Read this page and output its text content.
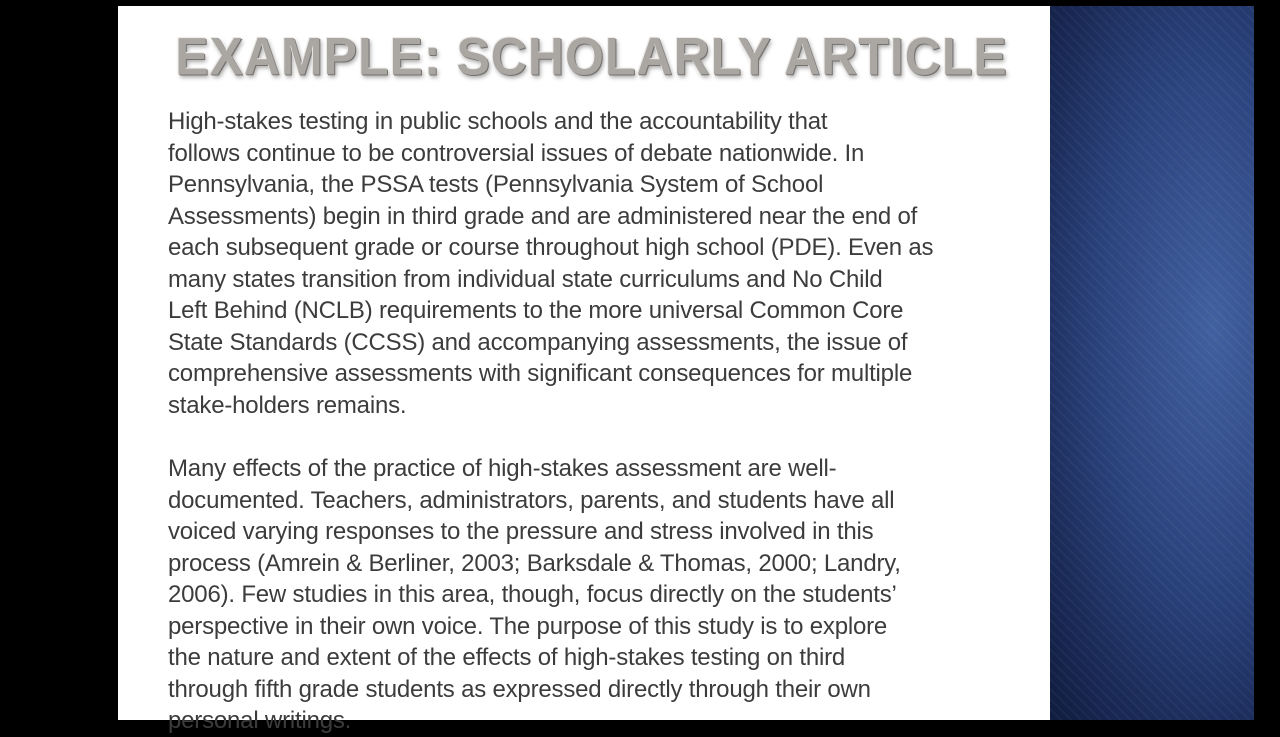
EXAMPLE: SCHOLARLY ARTICLE
High-stakes testing in public schools and the accountability that
follows continue to be controversial issues of debate nationwide. In
Pennsylvania, the PSSA tests (Pennsylvania System of School
Assessments) begin in third grade and are administered near the end of
each subsequent grade or course throughout high school (PDE). Even as
many states transition from individual state curriculums and No Child
Left Behind (NCLB) requirements to the more universal Common Core
State Standards (CCSS) and accompanying assessments, the issue of
comprehensive assessments with significant consequences for multiple
stake-holders remains.
Many effects of the practice of high-stakes assessment are well-
documented. Teachers, administrators, parents, and students have all
voiced varying responses to the pressure and stress involved in this
process (Amrein & Berliner, 2003; Barksdale & Thomas, 2000; Landry,
2006). Few studies in this area, though, focus directly on the students’
perspective in their own voice. The purpose of this study is to explore
the nature and extent of the effects of high-stakes testing on third
through fifth grade students as expressed directly through their own
personal writings.
